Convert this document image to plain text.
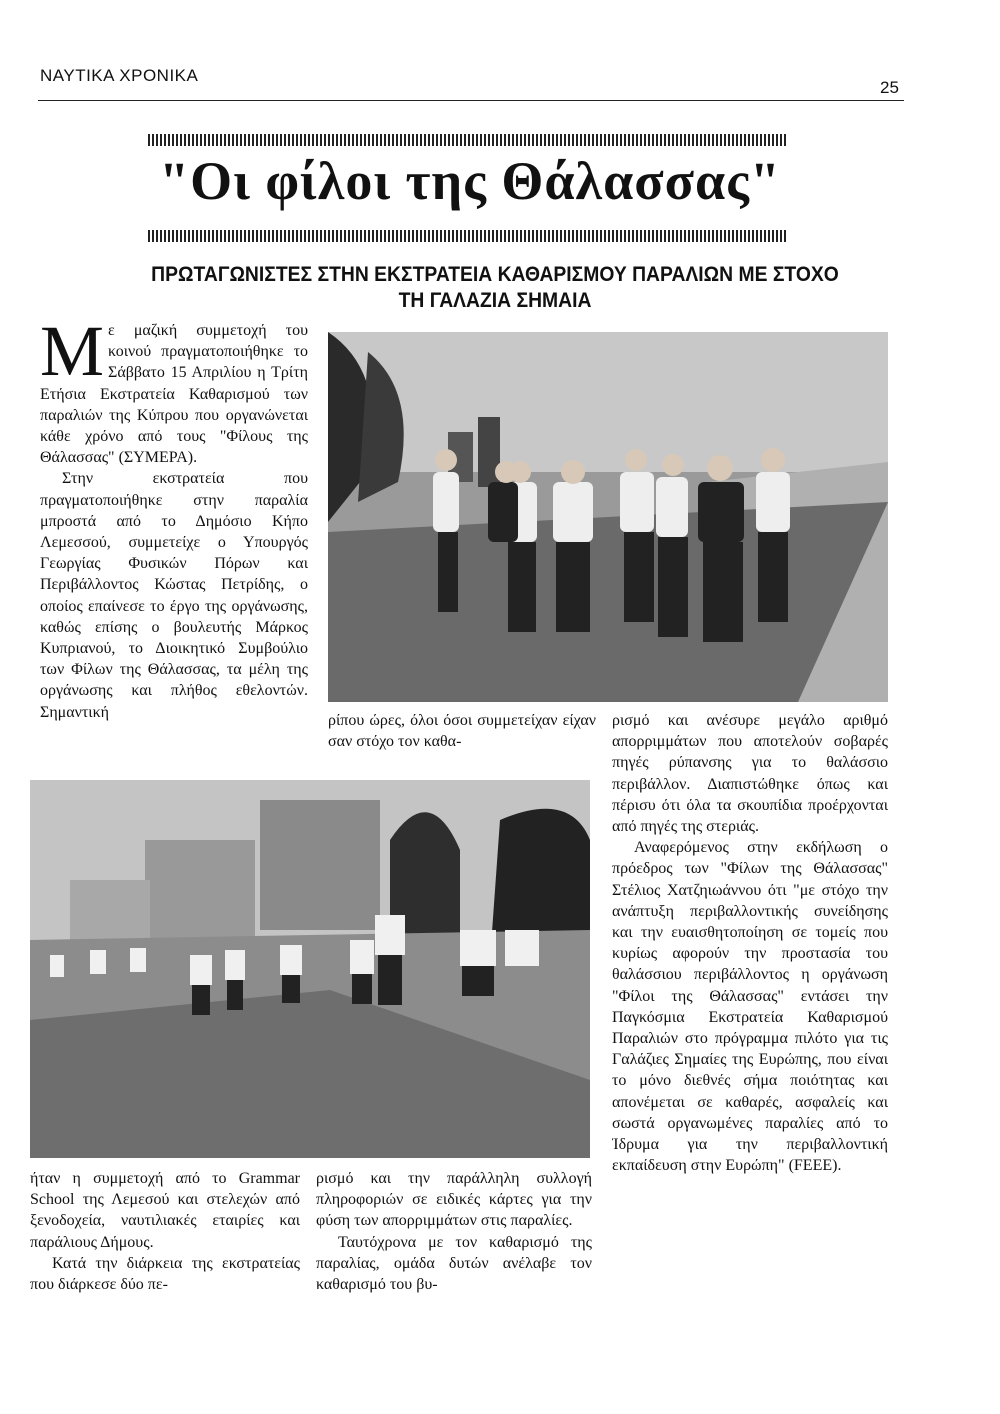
ΝΑΥΤΙΚΑ ΧΡΟΝΙΚΑ
25
"Οι φίλοι της Θάλασσας"
ΠΡΩΤΑΓΩΝΙΣΤΕΣ ΣΤΗΝ ΕΚΣΤΡΑΤΕΙΑ ΚΑΘΑΡΙΣΜΟΥ ΠΑΡΑΛΙΩΝ ΜΕ ΣΤΟΧΟ
ΤΗ ΓΑΛΑΖΙΑ ΣΗΜΑΙΑ

Με μαζική συμμετοχή του κοινού πραγματοποιήθηκε το Σάββατο 15 Απριλίου η Τρίτη Ετήσια Εκστρατεία Καθαρισμού των παραλιών της Κύπρου που οργανώνεται κάθε χρόνο από τους "Φίλους της Θάλασσας" (ΣΥΜΕΡΑ).

Στην εκστρατεία που πραγματοποιήθηκε στην παραλία μπροστά από το Δημόσιο Κήπο Λεμεσσού, συμμετείχε ο Υπουργός Γεωργίας Φυσικών Πόρων και Περιβάλλοντος Κώστας Πετρίδης, ο οποίος επαίνεσε το έργο της οργάνωσης, καθώς επίσης ο βουλευτής Μάρκος Κυπριανού, το Διοικητικό Συμβούλιο των Φίλων της Θάλασσας, τα μέλη της οργάνωσης και πλήθος εθελοντών. Σημαντική	ρίπου ώρες, όλοι όσοι συμμετείχαν είχαν σαν στόχο τον καθα-

ρισμό και ανέσυρε μεγάλο αριθμό απορριμμάτων που αποτελούν σοβαρές πηγές ρύπανσης για το θαλάσσιο περιβάλλον. Διαπιστώθηκε όπως και πέρισυ ότι όλα τα σκουπίδια προέρχονται από πηγές της στεριάς.

Αναφερόμενος στην εκδήλωση ο πρόεδρος των "Φίλων της Θάλασσας" Στέλιος Χατζηιωάννου ότι "με στόχο την ανάπτυξη περιβαλλοντικής συνείδησης και την ευαισθητοποίηση σε τομείς που κυρίως αφορούν την προστασία του θαλάσσιου περιβάλλοντος η οργάνωση "Φίλοι της Θάλασσας" εντάσει την Παγκόσμια Εκστρατεία Καθαρισμού Παραλιών στο πρόγραμμα πιλότο για τις Γαλάζιες Σημαίες της Ευρώπης, που είναι το μόνο διεθνές σήμα ποιότητας και απονέμεται σε καθαρές, ασφαλείς και σωστά οργανωμένες παραλίες από το Ίδρυμα για την περιβαλλοντική εκπαίδευση στην Ευρώπη" (FEEE).

ήταν η συμμετοχή από το Grammar School της Λεμεσού και στελεχών από ξενοδοχεία, ναυτιλιακές εταιρίες και παράλιους Δήμους.

Κατά την διάρκεια της εκστρατείας που διάρκεσε δύο πε-

ρισμό και την παράλληλη συλλογή πληροφοριών σε ειδικές κάρτες για την φύση των απορριμμάτων στις παραλίες.

Ταυτόχρονα με τον καθαρισμό της παραλίας, ομάδα δυτών ανέλαβε τον καθαρισμό του βυ-
